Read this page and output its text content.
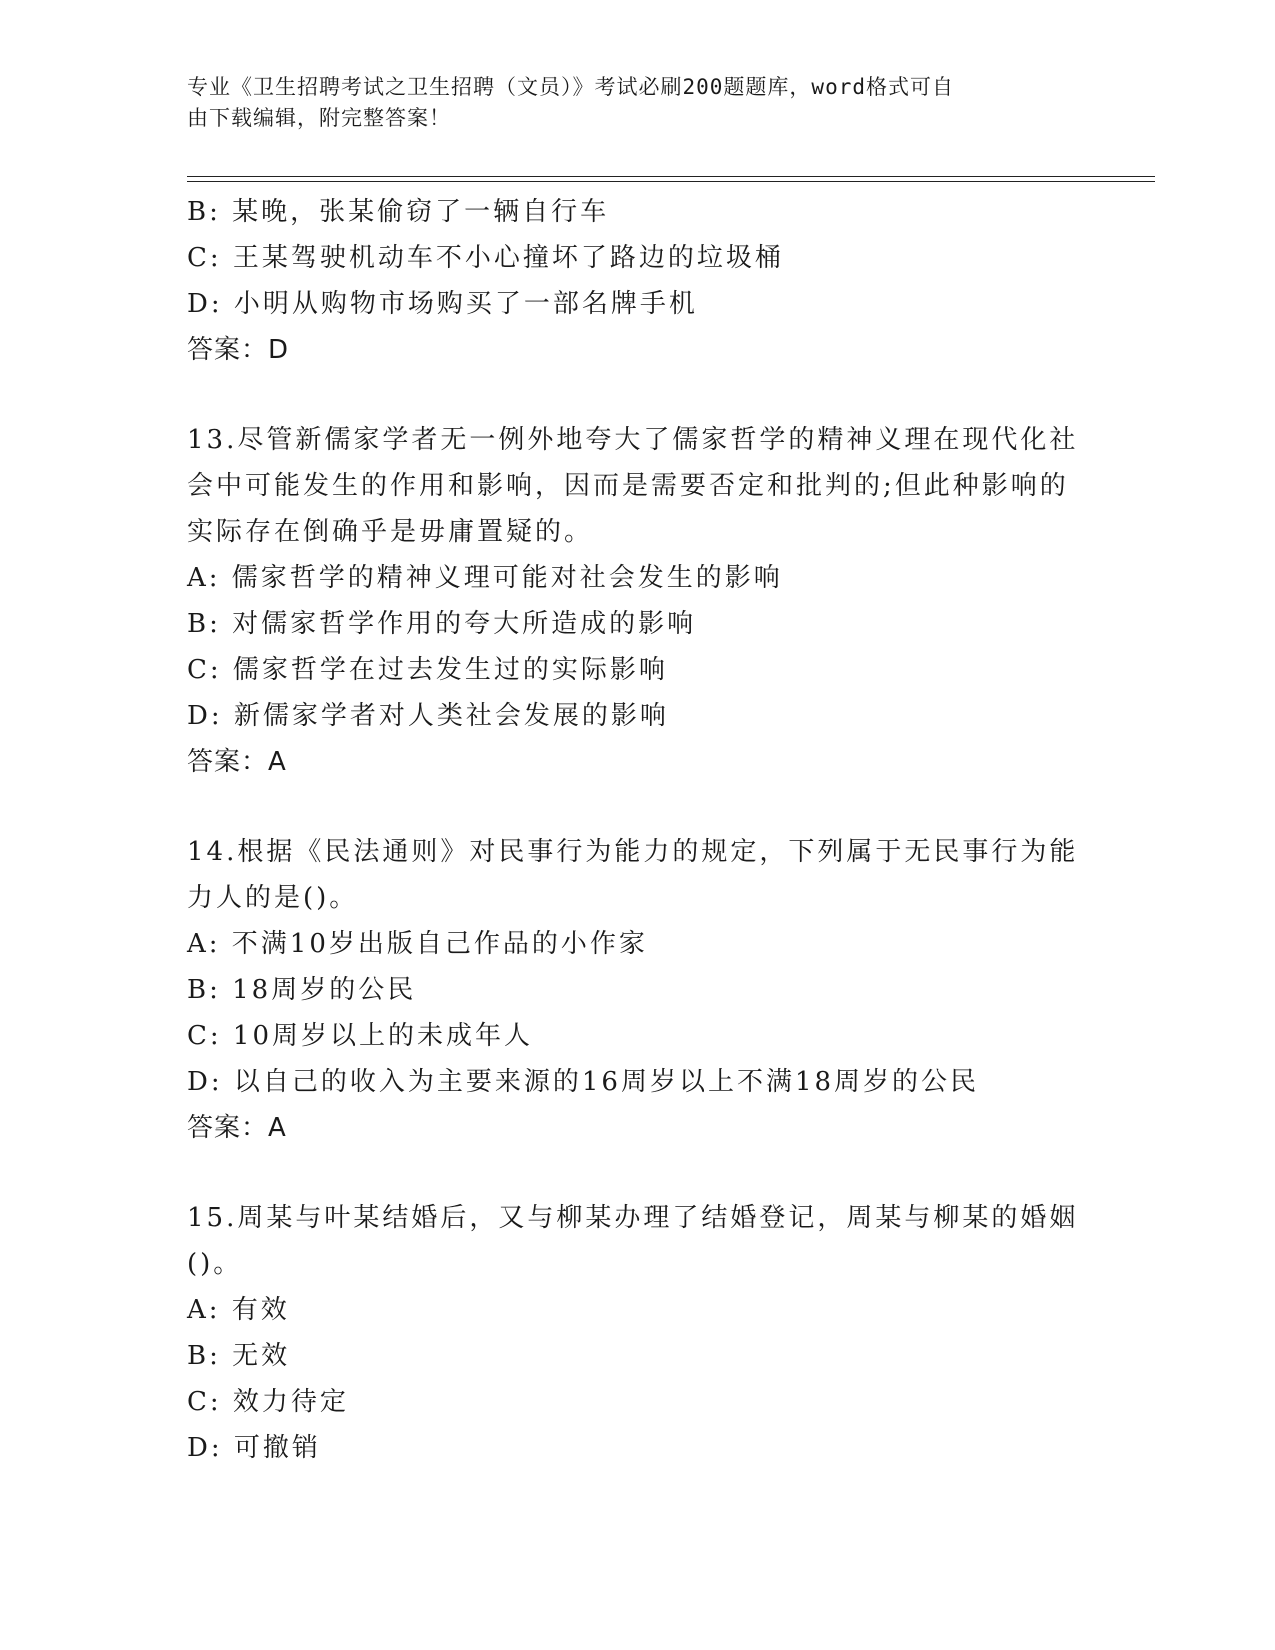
专业《卫生招聘考试之卫生招聘（文员）》考试必刷200题题库，word格式可自
由下载编辑，附完整答案！
B: 某晚，张某偷窃了一辆自行车
C: 王某驾驶机动车不小心撞坏了路边的垃圾桶
D: 小明从购物市场购买了一部名牌手机
答案：D
13.尽管新儒家学者无一例外地夸大了儒家哲学的精神义理在现代化社
会中可能发生的作用和影响，因而是需要否定和批判的;但此种影响的
实际存在倒确乎是毋庸置疑的。
A: 儒家哲学的精神义理可能对社会发生的影响
B: 对儒家哲学作用的夸大所造成的影响
C: 儒家哲学在过去发生过的实际影响
D: 新儒家学者对人类社会发展的影响
答案：A
14.根据《民法通则》对民事行为能力的规定，下列属于无民事行为能
力人的是()。
A: 不满10岁出版自己作品的小作家
B: 18周岁的公民
C: 10周岁以上的未成年人
D: 以自己的收入为主要来源的16周岁以上不满18周岁的公民
答案：A
15.周某与叶某结婚后，又与柳某办理了结婚登记，周某与柳某的婚姻
()。
A: 有效
B: 无效
C: 效力待定
D: 可撤销
